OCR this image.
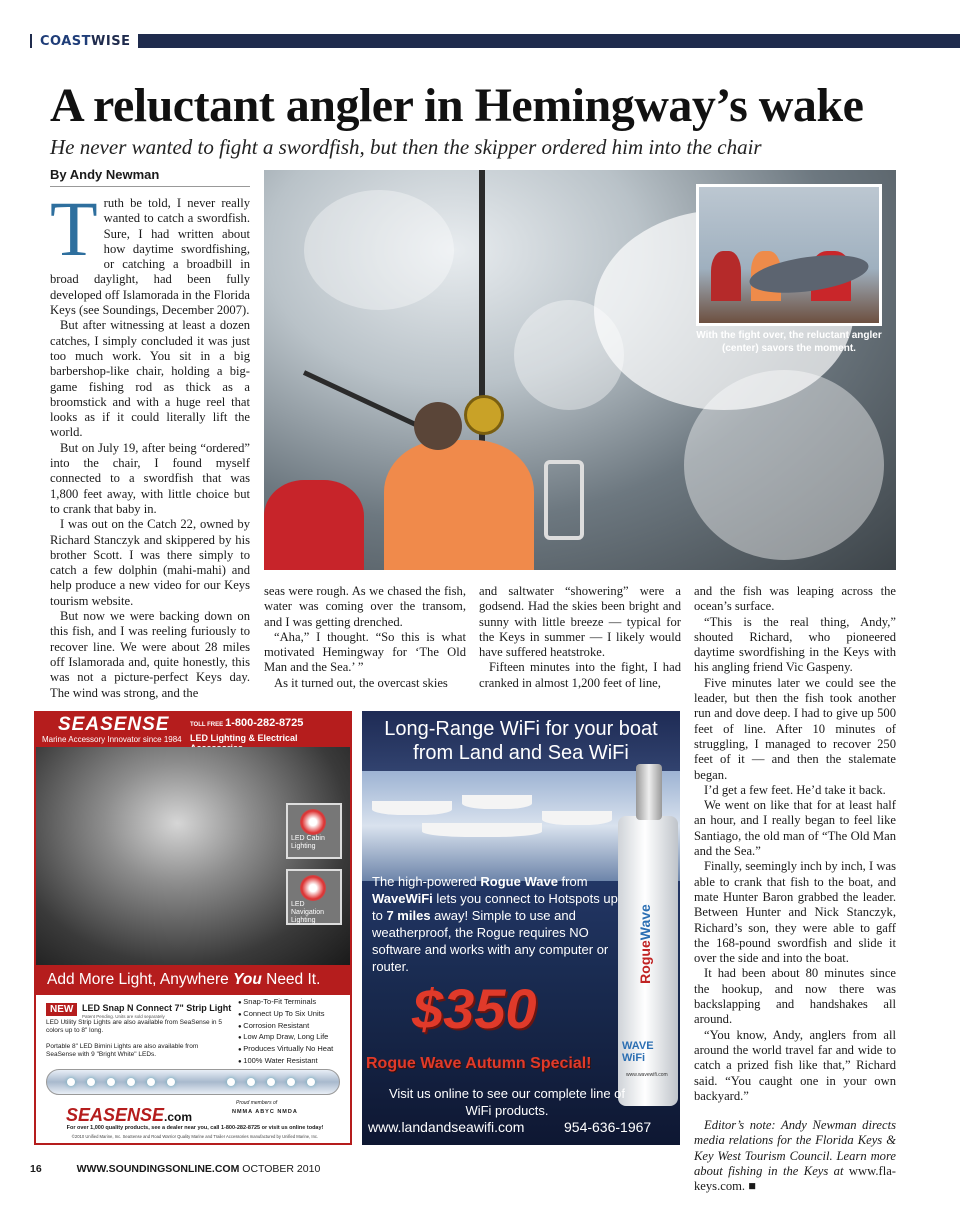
COASTWISE
A reluctant angler in Hemingway’s wake
He never wanted to fight a swordfish, but then the skipper ordered him into the chair
By Andy Newman

Truth be told, I never really wanted to catch a swordfish. Sure, I had written about how daytime swordfishing, or catching a broadbill in broad daylight, had been fully developed off Islamorada in the Florida Keys (see Soundings, December 2007).

But after witnessing at least a dozen catches, I simply concluded it was just too much work. You sit in a big barbershop-like chair, holding a big-game fishing rod as thick as a broomstick and with a huge reel that looks as if it could literally lift the world.

But on July 19, after being “ordered” into the chair, I found myself connected to a swordfish that was 1,800 feet away, with little choice but to crank that baby in.

I was out on the Catch 22, owned by Richard Stanczyk and skippered by his brother Scott. I was there simply to catch a few dolphin (mahi-mahi) and help produce a new video for our Keys tourism website.

But now we were backing down on this fish, and I was reeling furiously to recover line. We were about 28 miles off Islamorada and, quite honestly, this was not a picture-perfect Keys day. The wind was strong, and the

seas were rough. As we chased the fish, water was coming over the transom, and I was getting drenched.

“Aha,” I thought. “So this is what motivated Hemingway for ‘The Old Man and the Sea.’ ”

As it turned out, the overcast skies

and saltwater “showering” were a godsend. Had the skies been bright and sunny with little breeze — typical for the Keys in summer — I likely would have suffered heatstroke.

Fifteen minutes into the fight, I had cranked in almost 1,200 feet of line,

and the fish was leaping across the ocean’s surface.

“This is the real thing, Andy,” shouted Richard, who pioneered daytime swordfishing in the Keys with his angling friend Vic Gaspeny.

Five minutes later we could see the leader, but then the fish took another run and dove deep. I had to give up 500 feet of line. After 10 minutes of struggling, I managed to recover 250 feet of it — and then the stalemate began.

I’d get a few feet. He’d take it back.

We went on like that for at least half an hour, and I really began to feel like Santiago, the old man of “The Old Man and the Sea.”

Finally, seemingly inch by inch, I was able to crank that fish to the boat, and mate Hunter Baron grabbed the leader. Between Hunter and Nick Stanczyk, Richard’s son, they were able to gaff the 168-pound swordfish and slide it over the side and into the boat.

It had been about 80 minutes since the hookup, and now there was backslapping and handshakes all around.

“You know, Andy, anglers from all around the world travel far and wide to catch a prized fish like that,” Richard said. “You caught one in your own backyard.”

Editor’s note: Andy Newman directs media relations for the Florida Keys & Key West Tourism Council. Learn more about fishing in the Keys at www.fla-keys.com. ■

With the fight over, the reluctant angler (center) savors the moment.
SEASENSE
Marine Accessory Innovator since 1984
TOLL FREE 1-800-282-8725
LED Lighting & Electrical
LED Cabin Lighting
LED Navigation Lighting
Add More Light, Anywhere You Need It.
NEW LED Snap N Connect 7" Strip Light
Patent Pending. Units are sold separately
LED Utility Strip Lights are also available from SeaSense in 5 colors up to 8" long.
Portable 8" LED Bimini Lights are also available from SeaSense with 9 "Bright White" LEDs.
● Snap-To-Fit Terminals
● Connect Up To Six Units
● Corrosion Resistant
● Low Amp Draw, Long Life
● Produces Virtually No Heat
● 100% Water Resistant
SEASENSE.com
Proud members of
NMMA ABYC NMDA
For over 1,000 quality products, see a dealer near you, call 1-800-282-8725 or visit us online today!
©2010 Unified Marine, Inc. SeaSense and Road Warrior Quality Marine and Trailer Accessories manufactured by Unified Marine, Inc.
Long-Range WiFi for your boat from Land and Sea WiFi
RogueWave
WAVE WiFi
www.wavewifi.com
The high-powered Rogue Wave from WaveWiFi lets you connect to Hotspots up to 7 miles away! Simple to use and weatherproof, the Rogue requires NO software and works with any computer or router.
$350
Rogue Wave Autumn Special!
Visit us online to see our complete line of WiFi products.
www.landandseawifi.com	954-636-1967
16	WWW.SOUNDINGSONLINE.COM OCTOBER 2010
